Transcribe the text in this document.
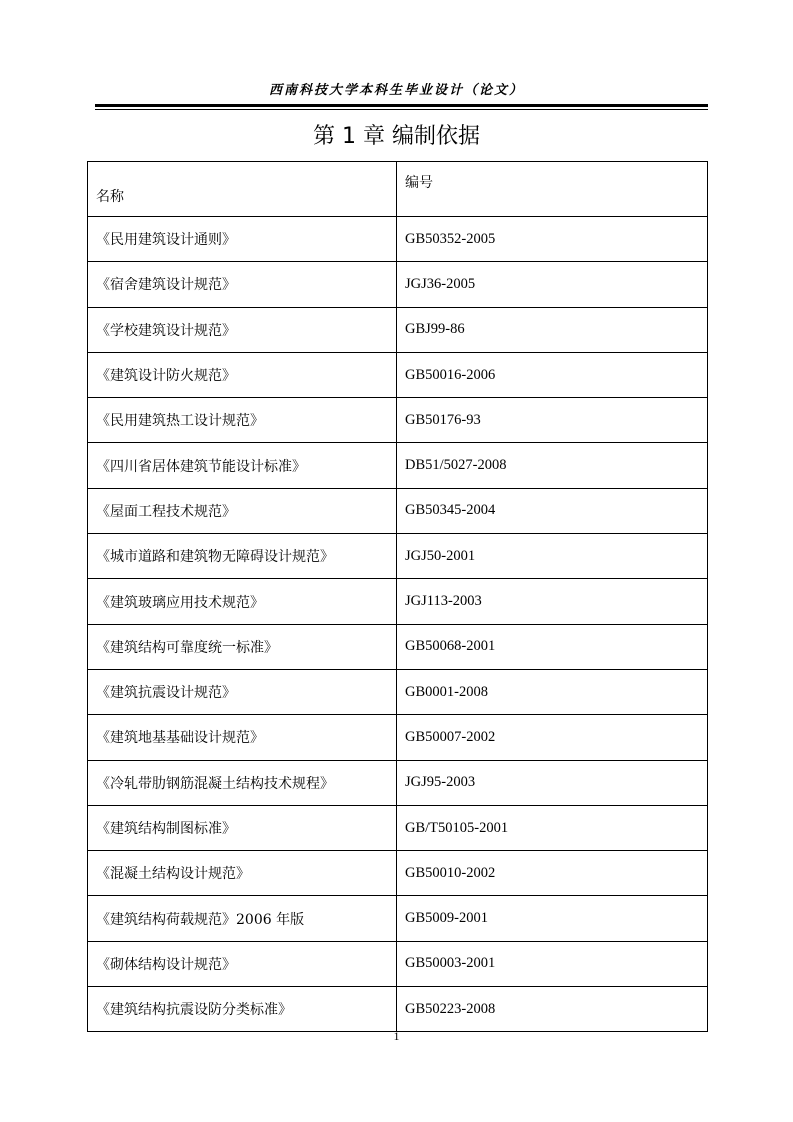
西南科技大学本科生毕业设计（论文）
第 1 章 编制依据
名称	编号
《民用建筑设计通则》	GB50352-2005
《宿舍建筑设计规范》	JGJ36-2005
《学校建筑设计规范》	GBJ99-86
《建筑设计防火规范》	GB50016-2006
《民用建筑热工设计规范》	GB50176-93
《四川省居体建筑节能设计标准》	DB51/5027-2008
《屋面工程技术规范》	GB50345-2004
《城市道路和建筑物无障碍设计规范》	JGJ50-2001
《建筑玻璃应用技术规范》	JGJ113-2003
《建筑结构可靠度统一标准》	GB50068-2001
《建筑抗震设计规范》	GB0001-2008
《建筑地基基础设计规范》	GB50007-2002
《冷轧带肋钢筋混凝土结构技术规程》	JGJ95-2003
《建筑结构制图标准》	GB/T50105-2001
《混凝土结构设计规范》	GB50010-2002
《建筑结构荷载规范》2006 年版	GB5009-2001
《砌体结构设计规范》	GB50003-2001
《建筑结构抗震设防分类标准》	GB50223-2008
1
